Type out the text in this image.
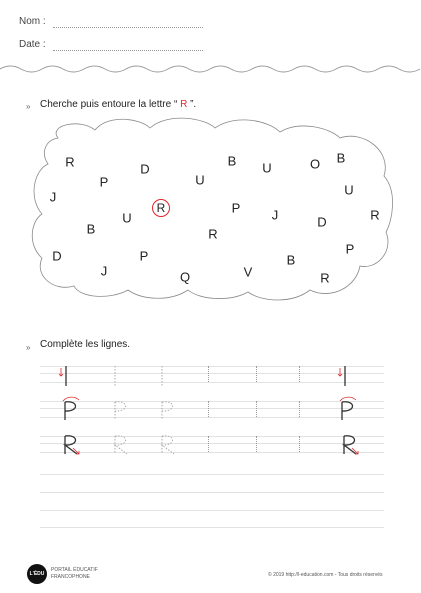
Nom :
Date :
» Cherche puis entoure la lettre “ R ”.
R
P
D
U
B U	O B
J	U
R	P J	D	R
U
B	R
P
D	P
J
B
Q	V	R
» Complète les lignes.
L'ÉDU
PORTAIL ÉDUCATIF
FRANCOPHONE	© 2019 http://l-education.com - Tous droits réservés
